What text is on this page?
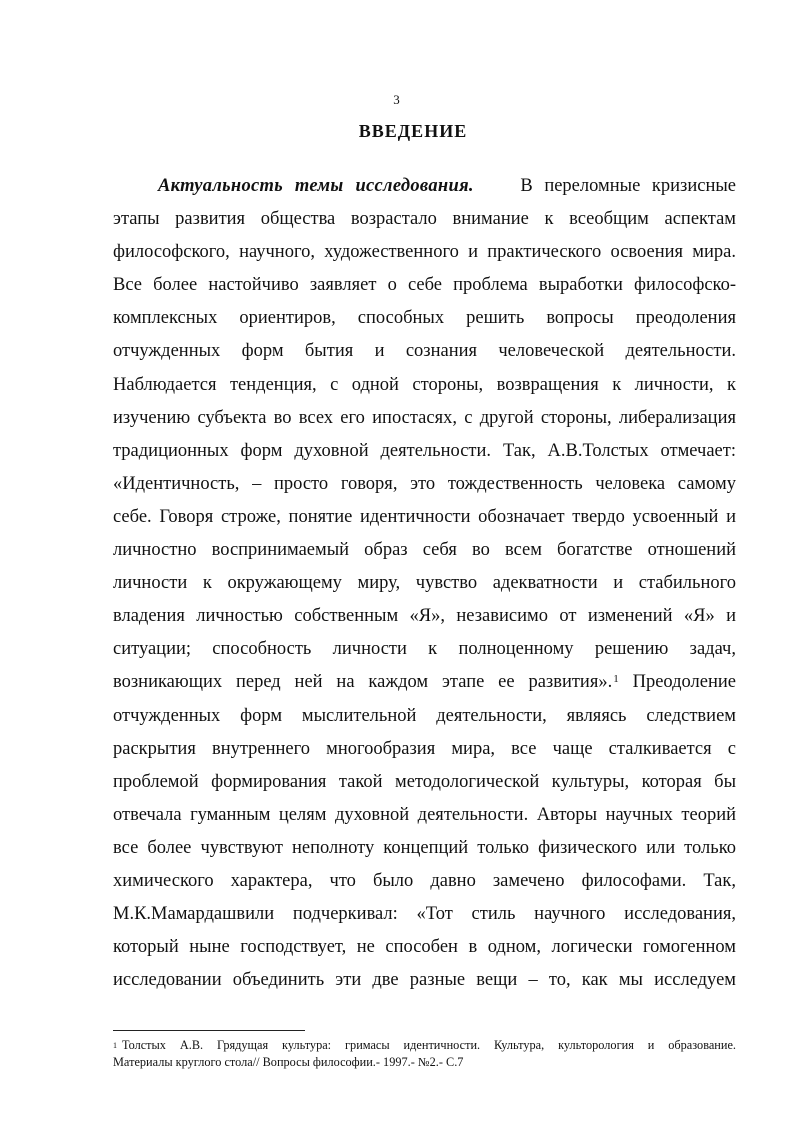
3
ВВЕДЕНИЕ
Актуальность темы исследования.	В переломные кризисные
этапы развития общества возрастало внимание к всеобщим аспектам
философского, научного, художественного и практического освоения мира.
Все более настойчиво заявляет о себе проблема выработки философско-
комплексных ориентиров, способных решить вопросы преодоления
отчужденных форм бытия и сознания человеческой деятельности.
Наблюдается тенденция, с одной стороны, возвращения к личности, к
изучению субъекта во всех его ипостасях, с другой стороны, либерализация
традиционных форм духовной деятельности. Так, А.В.Толстых отмечает:
«Идентичность, – просто говоря, это тождественность человека самому
себе. Говоря строже, понятие идентичности обозначает твердо усвоенный и
личностно воспринимаемый образ себя во всем богатстве отношений
личности к окружающему миру, чувство адекватности и стабильного
владения личностью собственным «Я», независимо от изменений «Я» и
ситуации; способность личности к полноценному решению задач,
возникающих перед ней на каждом этапе ее развития».$^1$ Преодоление
отчужденных форм мыслительной деятельности, являясь следствием
раскрытия внутреннего многообразия мира, все чаще сталкивается с
проблемой формирования такой методологической культуры, которая бы
отвечала гуманным целям духовной деятельности. Авторы научных теорий
все более чувствуют неполноту концепций только физического или только
химического характера, что было давно замечено философами. Так,
М.К.Мамардашвили подчеркивал: «Тот стиль научного исследования,
который ныне господствует, не способен в одном, логически гомогенном
исследовании объединить эти две разные вещи – то, как мы исследуем
$^1$ Толстых А.В. Грядущая культура: гримасы идентичности. Культура, культорология и образование.
Материалы круглого стола// Вопросы философии.- 1997.- №2.- С.7
